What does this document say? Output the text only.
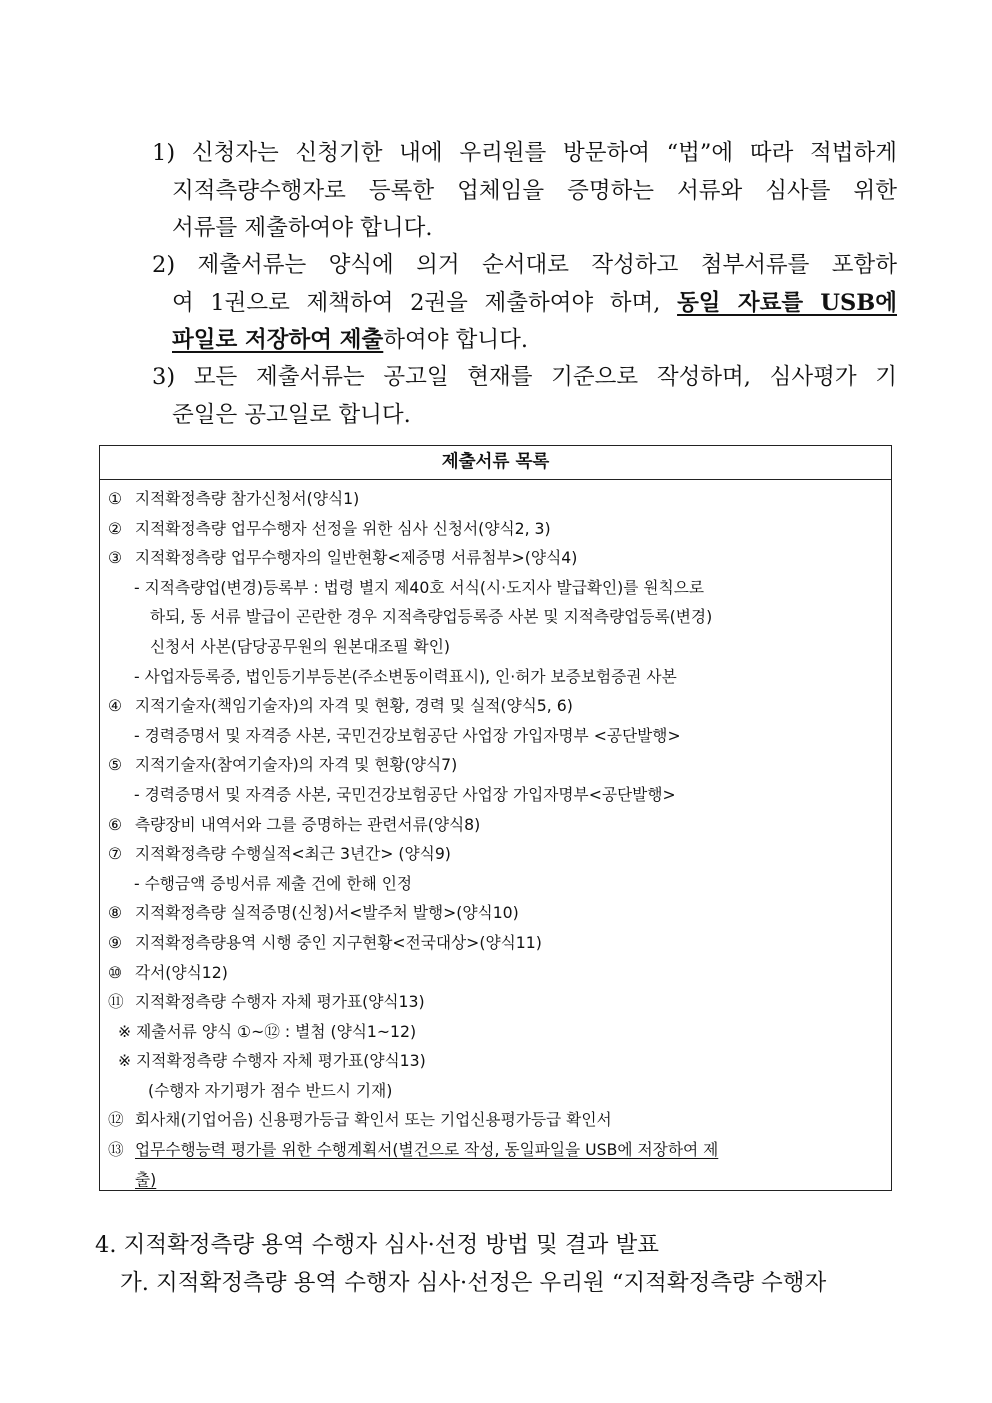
1) 신청자는 신청기한 내에 우리원를 방문하여 “법”에 따라 적법하게
지적측량수행자로 등록한 업체임을 증명하는 서류와 심사를 위한
서류를 제출하여야 합니다.
2) 제출서류는 양식에 의거 순서대로 작성하고 첨부서류를 포함하
여 1권으로 제책하여 2권을 제출하여야 하며, 동일 자료를 USB에
파일로 저장하여 제출하여야 합니다.
3) 모든 제출서류는 공고일 현재를 기준으로 작성하며, 심사평가 기
준일은 공고일로 합니다.
제출서류 목록
① 지적확정측량 참가신청서(양식1)
② 지적확정측량 업무수행자 선정을 위한 심사 신청서(양식2, 3)
③ 지적확정측량 업무수행자의 일반현황<제증명 서류첨부>(양식4)
- 지적측량업(변경)등록부 : 법령 별지 제40호 서식(시·도지사 발급확인)를 원칙으로
하되, 동 서류 발급이 곤란한 경우 지적측량업등록증 사본 및 지적측량업등록(변경)
신청서 사본(담당공무원의 원본대조필 확인)
- 사업자등록증, 법인등기부등본(주소변동이력표시), 인·허가 보증보험증권 사본
④ 지적기술자(책임기술자)의 자격 및 현황, 경력 및 실적(양식5, 6)
- 경력증명서 및 자격증 사본, 국민건강보험공단 사업장 가입자명부 <공단발행>
⑤ 지적기술자(참여기술자)의 자격 및 현황(양식7)
- 경력증명서 및 자격증 사본, 국민건강보험공단 사업장 가입자명부<공단발행>
⑥ 측량장비 내역서와 그를 증명하는 관련서류(양식8)
⑦ 지적확정측량 수행실적<최근 3년간> (양식9)
- 수행금액 증빙서류 제출 건에 한해 인정
⑧ 지적확정측량 실적증명(신청)서<발주처 발행>(양식10)
⑨ 지적확정측량용역 시행 중인 지구현황<전국대상>(양식11)
⑩ 각서(양식12)
⑪ 지적확정측량 수행자 자체 평가표(양식13)
※ 제출서류 양식 ①~⑫ : 별첨 (양식1~12)
※ 지적확정측량 수행자 자체 평가표(양식13)
(수행자 자기평가 점수 반드시 기재)
⑫ 회사채(기업어음) 신용평가등급 확인서 또는 기업신용평가등급 확인서
⑬ 업무수행능력 평가를 위한 수행계획서(별건으로 작성, 동일파일을 USB에 저장하여 제
출)
4. 지적확정측량 용역 수행자 심사·선정 방법 및 결과 발표
가. 지적확정측량 용역 수행자 심사·선정은 우리원 “지적확정측량 수행자
